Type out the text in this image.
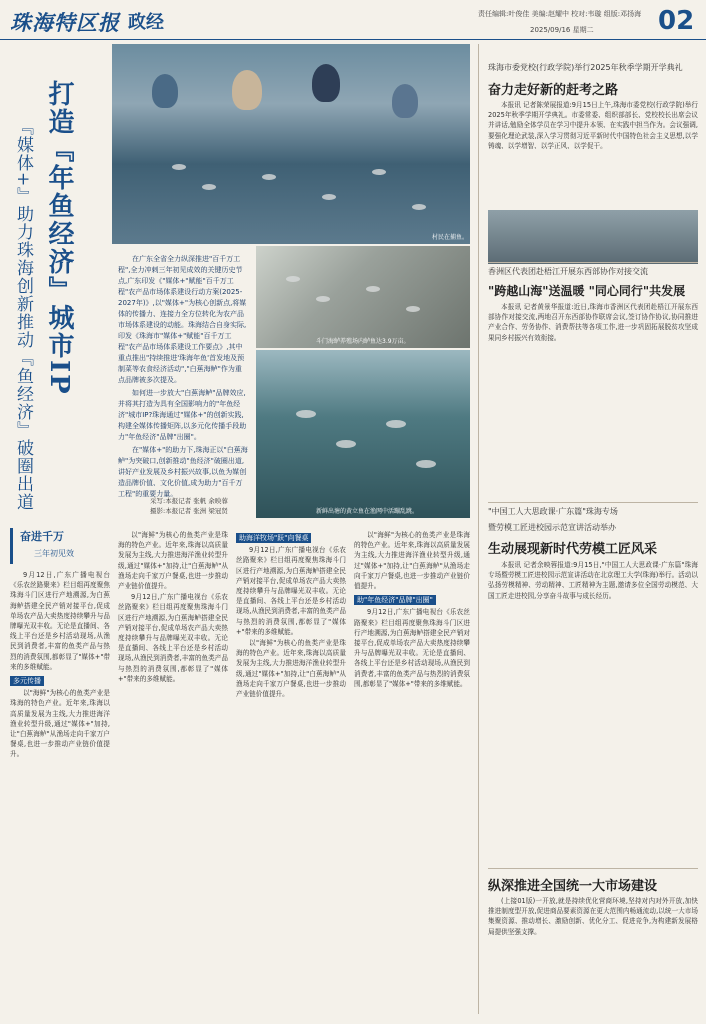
珠海特区报 政经	责任编辑:叶俊佳 美编:赵耀中 校对:韦璇 组版:邓扬海
2025/09/16 星期二 02
打造『年鱼经济』城市IP
『媒体+』助力珠海创新推动『鱼经济』破圈出道	村民在捕鱼。
斗门海鲈养殖场内鲈鱼达3.9万亩。
新鲜出塘的黄立鱼在渔网中活蹦乱跳。

在广东全省全力纵深推进"百千万工程",全力冲刺三年初见成效的关键历史节点,广东印发《"媒体+"赋能"百千万工程"农产品市场体系建设行动方案(2025-2027年)》,以"媒体+"为核心创新点,将媒体的传播力、连接力全方位转化为农产品市场体系建设的动能。珠海结合自身实际,印发《珠海市"媒体+"赋能"百千万工程"农产品市场体系建设工作要点》,其中重点推出"持续推进'珠海年鱼'首发地及预制菜等农食经济活动","白蕉海鲈"作为重点品牌被多次提及。

如何进一步放大"白蕉海鲈"品牌效应,并将其打造为具有全国影响力的"年鱼经济"城市IP?珠海通过"媒体+"的创新实践,构建全媒体传播矩阵,以多元化传播手段助力"年鱼经济"品牌"出圈"。

在"媒体+"的助力下,珠海正以"白蕉海鲈"为突破口,创新推动"鱼经济"破圈出道,讲好产业发展及乡村振兴故事,以鱼为媒创造品牌价值、文化价值,成为助力"百千万工程"的重要力量。

采写:本报记者 张帆 余映蓉
摄影:本报记者 张洲 梁冠贤
奋进千万
三年初见效

9月12日,广东广播电视台《乐农丝路聚来》栏目组再度聚焦珠海斗门区进行产地溯源,为白蕉海鲈搭建全民产销对接平台,促成单场农产品大卖热度持续攀升与品牌曝光双丰收。无论是直播间、各线上平台还是乡村活动现场,从渔民到消费者,丰富的鱼类产品与热烈的消费氛围,都彰显了"媒体+"带来的多维赋能。

多元传播

以"海鲜"为核心的鱼类产业是珠海的特色产业。近年来,珠海以高质量发展为主线,大力推进海洋渔业转型升级,通过"媒体+"加持,让"白蕉海鲈"从渔场走向千家万户餐桌,也进一步推动产业链价值提升。

以"海鲜"为核心的鱼类产业是珠海的特色产业。近年来,珠海以高质量发展为主线,大力推进海洋渔业转型升级,通过"媒体+"加持,让"白蕉海鲈"从渔场走向千家万户餐桌,也进一步推动产业链价值提升。

9月12日,广东广播电视台《乐农丝路聚来》栏目组再度聚焦珠海斗门区进行产地溯源,为白蕉海鲈搭建全民产销对接平台,促成单场农产品大卖热度持续攀升与品牌曝光双丰收。无论是直播间、各线上平台还是乡村活动现场,从渔民到消费者,丰富的鱼类产品与热烈的消费氛围,都彰显了"媒体+"带来的多维赋能。

助海洋牧场"跃"向餐桌

9月12日,广东广播电视台《乐农丝路聚来》栏目组再度聚焦珠海斗门区进行产地溯源,为白蕉海鲈搭建全民产销对接平台,促成单场农产品大卖热度持续攀升与品牌曝光双丰收。无论是直播间、各线上平台还是乡村活动现场,从渔民到消费者,丰富的鱼类产品与热烈的消费氛围,都彰显了"媒体+"带来的多维赋能。

以"海鲜"为核心的鱼类产业是珠海的特色产业。近年来,珠海以高质量发展为主线,大力推进海洋渔业转型升级,通过"媒体+"加持,让"白蕉海鲈"从渔场走向千家万户餐桌,也进一步推动产业链价值提升。

以"海鲜"为核心的鱼类产业是珠海的特色产业。近年来,珠海以高质量发展为主线,大力推进海洋渔业转型升级,通过"媒体+"加持,让"白蕉海鲈"从渔场走向千家万户餐桌,也进一步推动产业链价值提升。

助"年鱼经济"品牌"出圈"

9月12日,广东广播电视台《乐农丝路聚来》栏目组再度聚焦珠海斗门区进行产地溯源,为白蕉海鲈搭建全民产销对接平台,促成单场农产品大卖热度持续攀升与品牌曝光双丰收。无论是直播间、各线上平台还是乡村活动现场,从渔民到消费者,丰富的鱼类产品与热烈的消费氛围,都彰显了"媒体+"带来的多维赋能。

珠海市委党校(行政学院)举行2025年秋季学期开学典礼
奋力走好新的赶考之路

本报讯 记者陈荣展报道:9月15日上午,珠海市委党校(行政学院)举行2025年秋季学期开学典礼。市委常委、组织部部长、党校校长出席会议并讲话,勉励全体学员在学习中提升本领、在实践中担当作为。会议强调,要强化理论武装,深入学习贯彻习近平新时代中国特色社会主义思想,以学铸魂、以学增智、以学正风、以学促干。

香洲区代表团赴梧江开展东西部协作对接交流
"跨越山海"送温暖 "同心同行"共发展

本报讯 记者黄景华报道:近日,珠海市香洲区代表团赴梧江开展东西部协作对接交流,两地召开东西部协作联席会议,签订协作协议,协同推进产业合作、劳务协作、消费帮扶等各项工作,进一步巩固拓展脱贫攻坚成果同乡村振兴有效衔接。

"中国工人大思政课·广东篇"珠海专场
暨劳模工匠进校园示范宣讲活动举办
生动展现新时代劳模工匠风采

本报讯 记者余映蓉报道:9月15日,"中国工人大思政课·广东篇"珠海专场暨劳模工匠进校园示范宣讲活动在北京理工大学(珠海)举行。活动以弘扬劳模精神、劳动精神、工匠精神为主题,邀请多位全国劳动模范、大国工匠走进校园,分享奋斗故事与成长经历。

纵深推进全国统一大市场建设

(上接01版)一开放,就是持续优化营商环境,坚持对内对外开放,加快推进制度型开放,促进商品要素资源在更大范围内畅通流动,以统一大市场集聚资源、推动增长、激励创新、优化分工、促进竞争,为构建新发展格局提供坚强支撑。
